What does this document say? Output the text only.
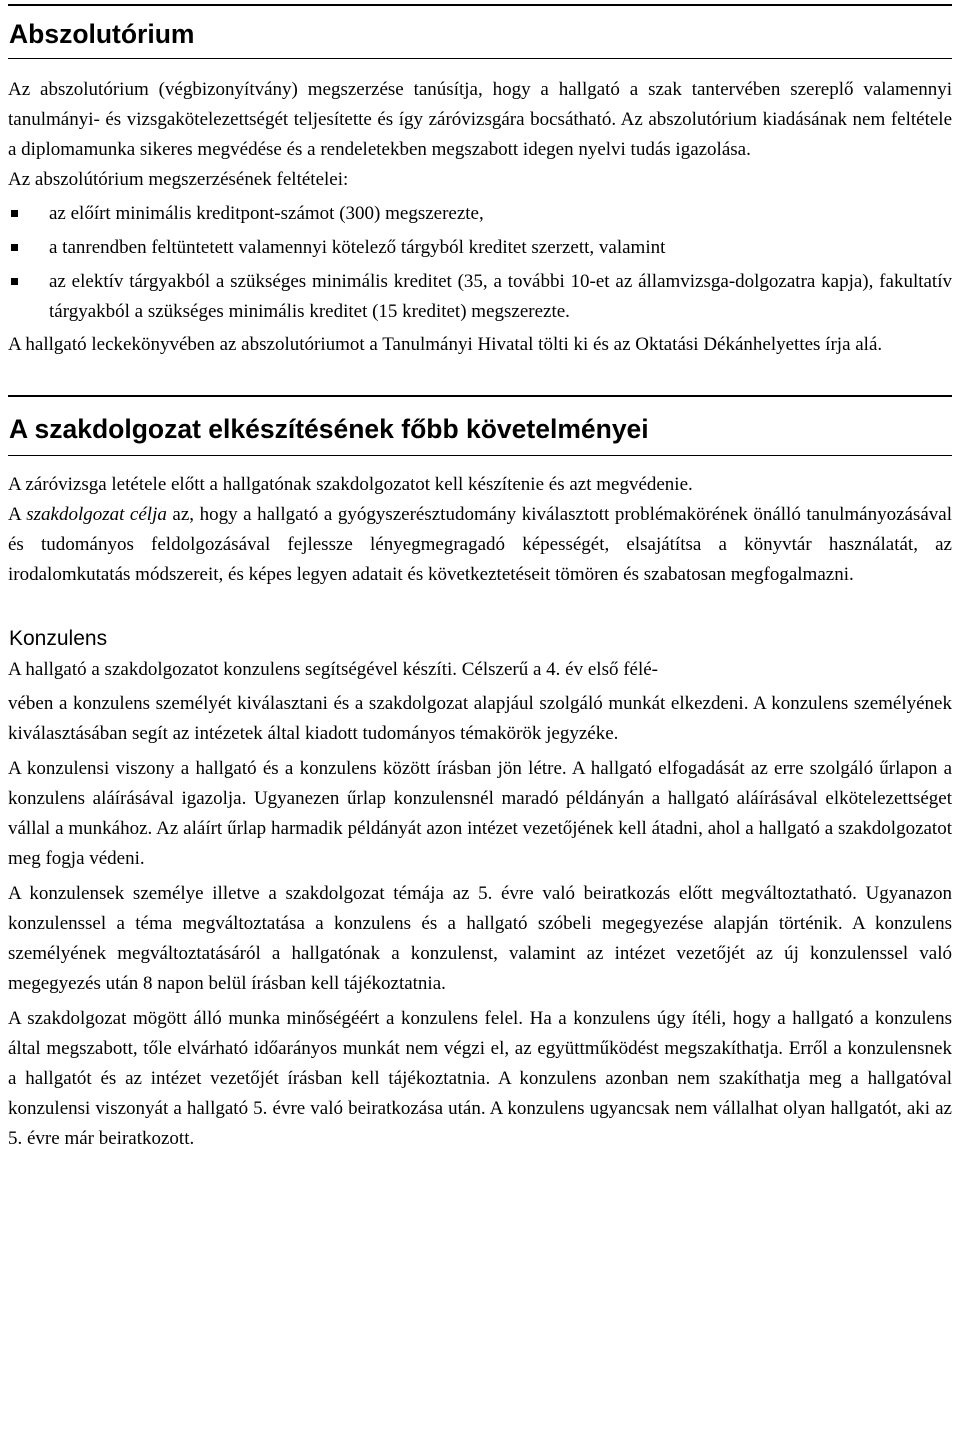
Abszolutórium

Az abszolutórium (végbizonyítvány) megszerzése tanúsítja, hogy a hallgató a szak tantervében szereplő valamennyi tanulmányi- és vizsgakötelezettségét teljesítette és így záróvizsgára bocsátható. Az abszolutórium kiadásának nem feltétele a diplomamunka sikeres megvédése és a rendeletekben megszabott idegen nyelvi tudás igazolása.

Az abszolútórium megszerzésének feltételei:

az előírt minimális kreditpont-számot (300) megszerezte,
a tanrendben feltüntetett valamennyi kötelező tárgyból kreditet szerzett, valamint
az elektív tárgyakból a szükséges minimális kreditet (35, a további 10-et az államvizsga-dolgozatra kapja), fakultatív tárgyakból a szükséges minimális kreditet (15 kreditet) megszerezte.

A hallgató leckekönyvében az abszolutóriumot a Tanulmányi Hivatal tölti ki és az Oktatási Dékánhelyettes írja alá.

A szakdolgozat elkészítésének főbb követelményei

A záróvizsga letétele előtt a hallgatónak szakdolgozatot kell készítenie és azt megvédenie.

A szakdolgozat célja az, hogy a hallgató a gyógyszerésztudomány kiválasztott problémakörének önálló tanulmányozásával és tudományos feldolgozásával fejlessze lényegmegragadó képességét, elsajátítsa a könyvtár használatát, az irodalomkutatás módszereit, és képes legyen adatait és következtetéseit tömören és szabatosan megfogalmazni.

Konzulens

A hallgató a szakdolgozatot konzulens segítségével készíti. Célszerű a 4. év első félé-
vében a konzulens személyét kiválasztani és a szakdolgozat alapjául szolgáló munkát elkezdeni. A konzulens személyének kiválasztásában segít az intézetek által kiadott tudományos témakörök jegyzéke.

A konzulensi viszony a hallgató és a konzulens között írásban jön létre. A hallgató elfogadását az erre szolgáló űrlapon a konzulens aláírásával igazolja. Ugyanezen űrlap konzulensnél maradó példányán a hallgató aláírásával elkötelezettséget vállal a munkához. Az aláírt űrlap harmadik példányát azon intézet vezetőjének kell átadni, ahol a hallgató a szakdolgozatot meg fogja védeni.

A konzulensek személye illetve a szakdolgozat témája az 5. évre való beiratkozás előtt megváltoztatható. Ugyanazon konzulenssel a téma megváltoztatása a konzulens és a hallgató szóbeli megegyezése alapján történik. A konzulens személyének megváltoztatásáról a hallgatónak a konzulenst, valamint az intézet vezetőjét az új konzulenssel való megegyezés után 8 napon belül írásban kell tájékoztatnia.

A szakdolgozat mögött álló munka minőségéért a konzulens felel. Ha a konzulens úgy ítéli, hogy a hallgató a konzulens által megszabott, tőle elvárható időarányos munkát nem végzi el, az együttműködést megszakíthatja. Erről a konzulensnek a hallgatót és az intézet vezetőjét írásban kell tájékoztatnia. A konzulens azonban nem szakíthatja meg a hallgatóval konzulensi viszonyát a hallgató 5. évre való beiratkozása után. A konzulens ugyancsak nem vállalhat olyan hallgatót, aki az 5. évre már beiratkozott.
